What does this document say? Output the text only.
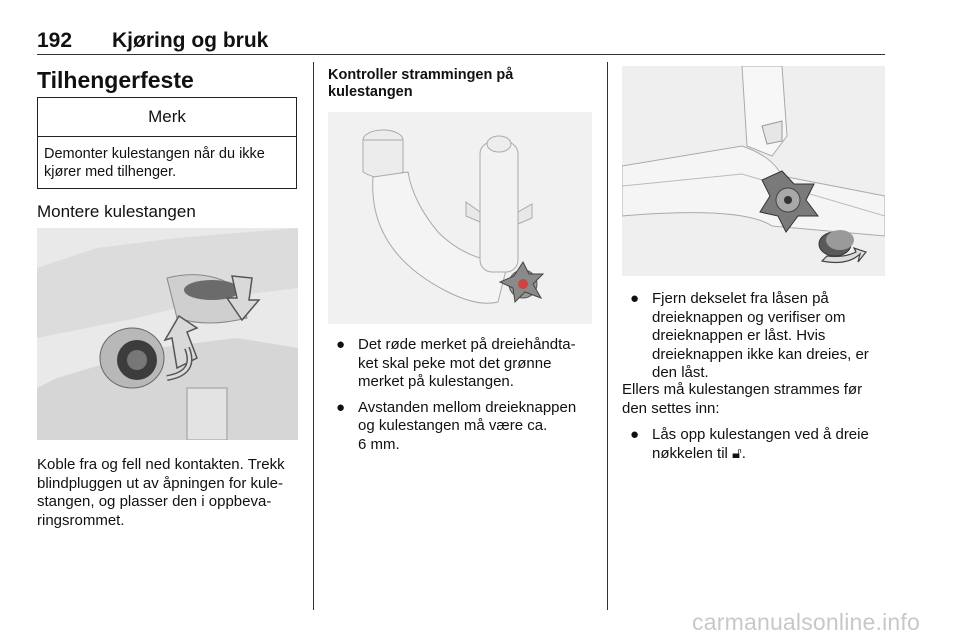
192 Kjøring og bruk
Tilhengerfeste
Merk
Demonter kulestangen når du ikke kjører med tilhenger.
Montere kulestangen
Koble fra og fell ned kontakten. Trekk
blindpluggen ut av åpningen for kule-
stangen, og plasser den i oppbeva-
ringsrommet.
Kontroller strammingen på
kulestangen
● Det røde merket på dreiehåndta-
ket skal peke mot det grønne
merket på kulestangen.
● Avstanden mellom dreieknappen
og kulestangen må være ca.
6 mm.
● Fjern dekselet fra låsen på
dreieknappen og verifiser om
dreieknappen er låst. Hvis
dreieknappen ikke kan dreies, er
den låst.
Ellers må kulestangen strammes før
den settes inn:
● Lås opp kulestangen ved å dreie
nøkkelen til 🔓︎.
carmanualsonline.info
